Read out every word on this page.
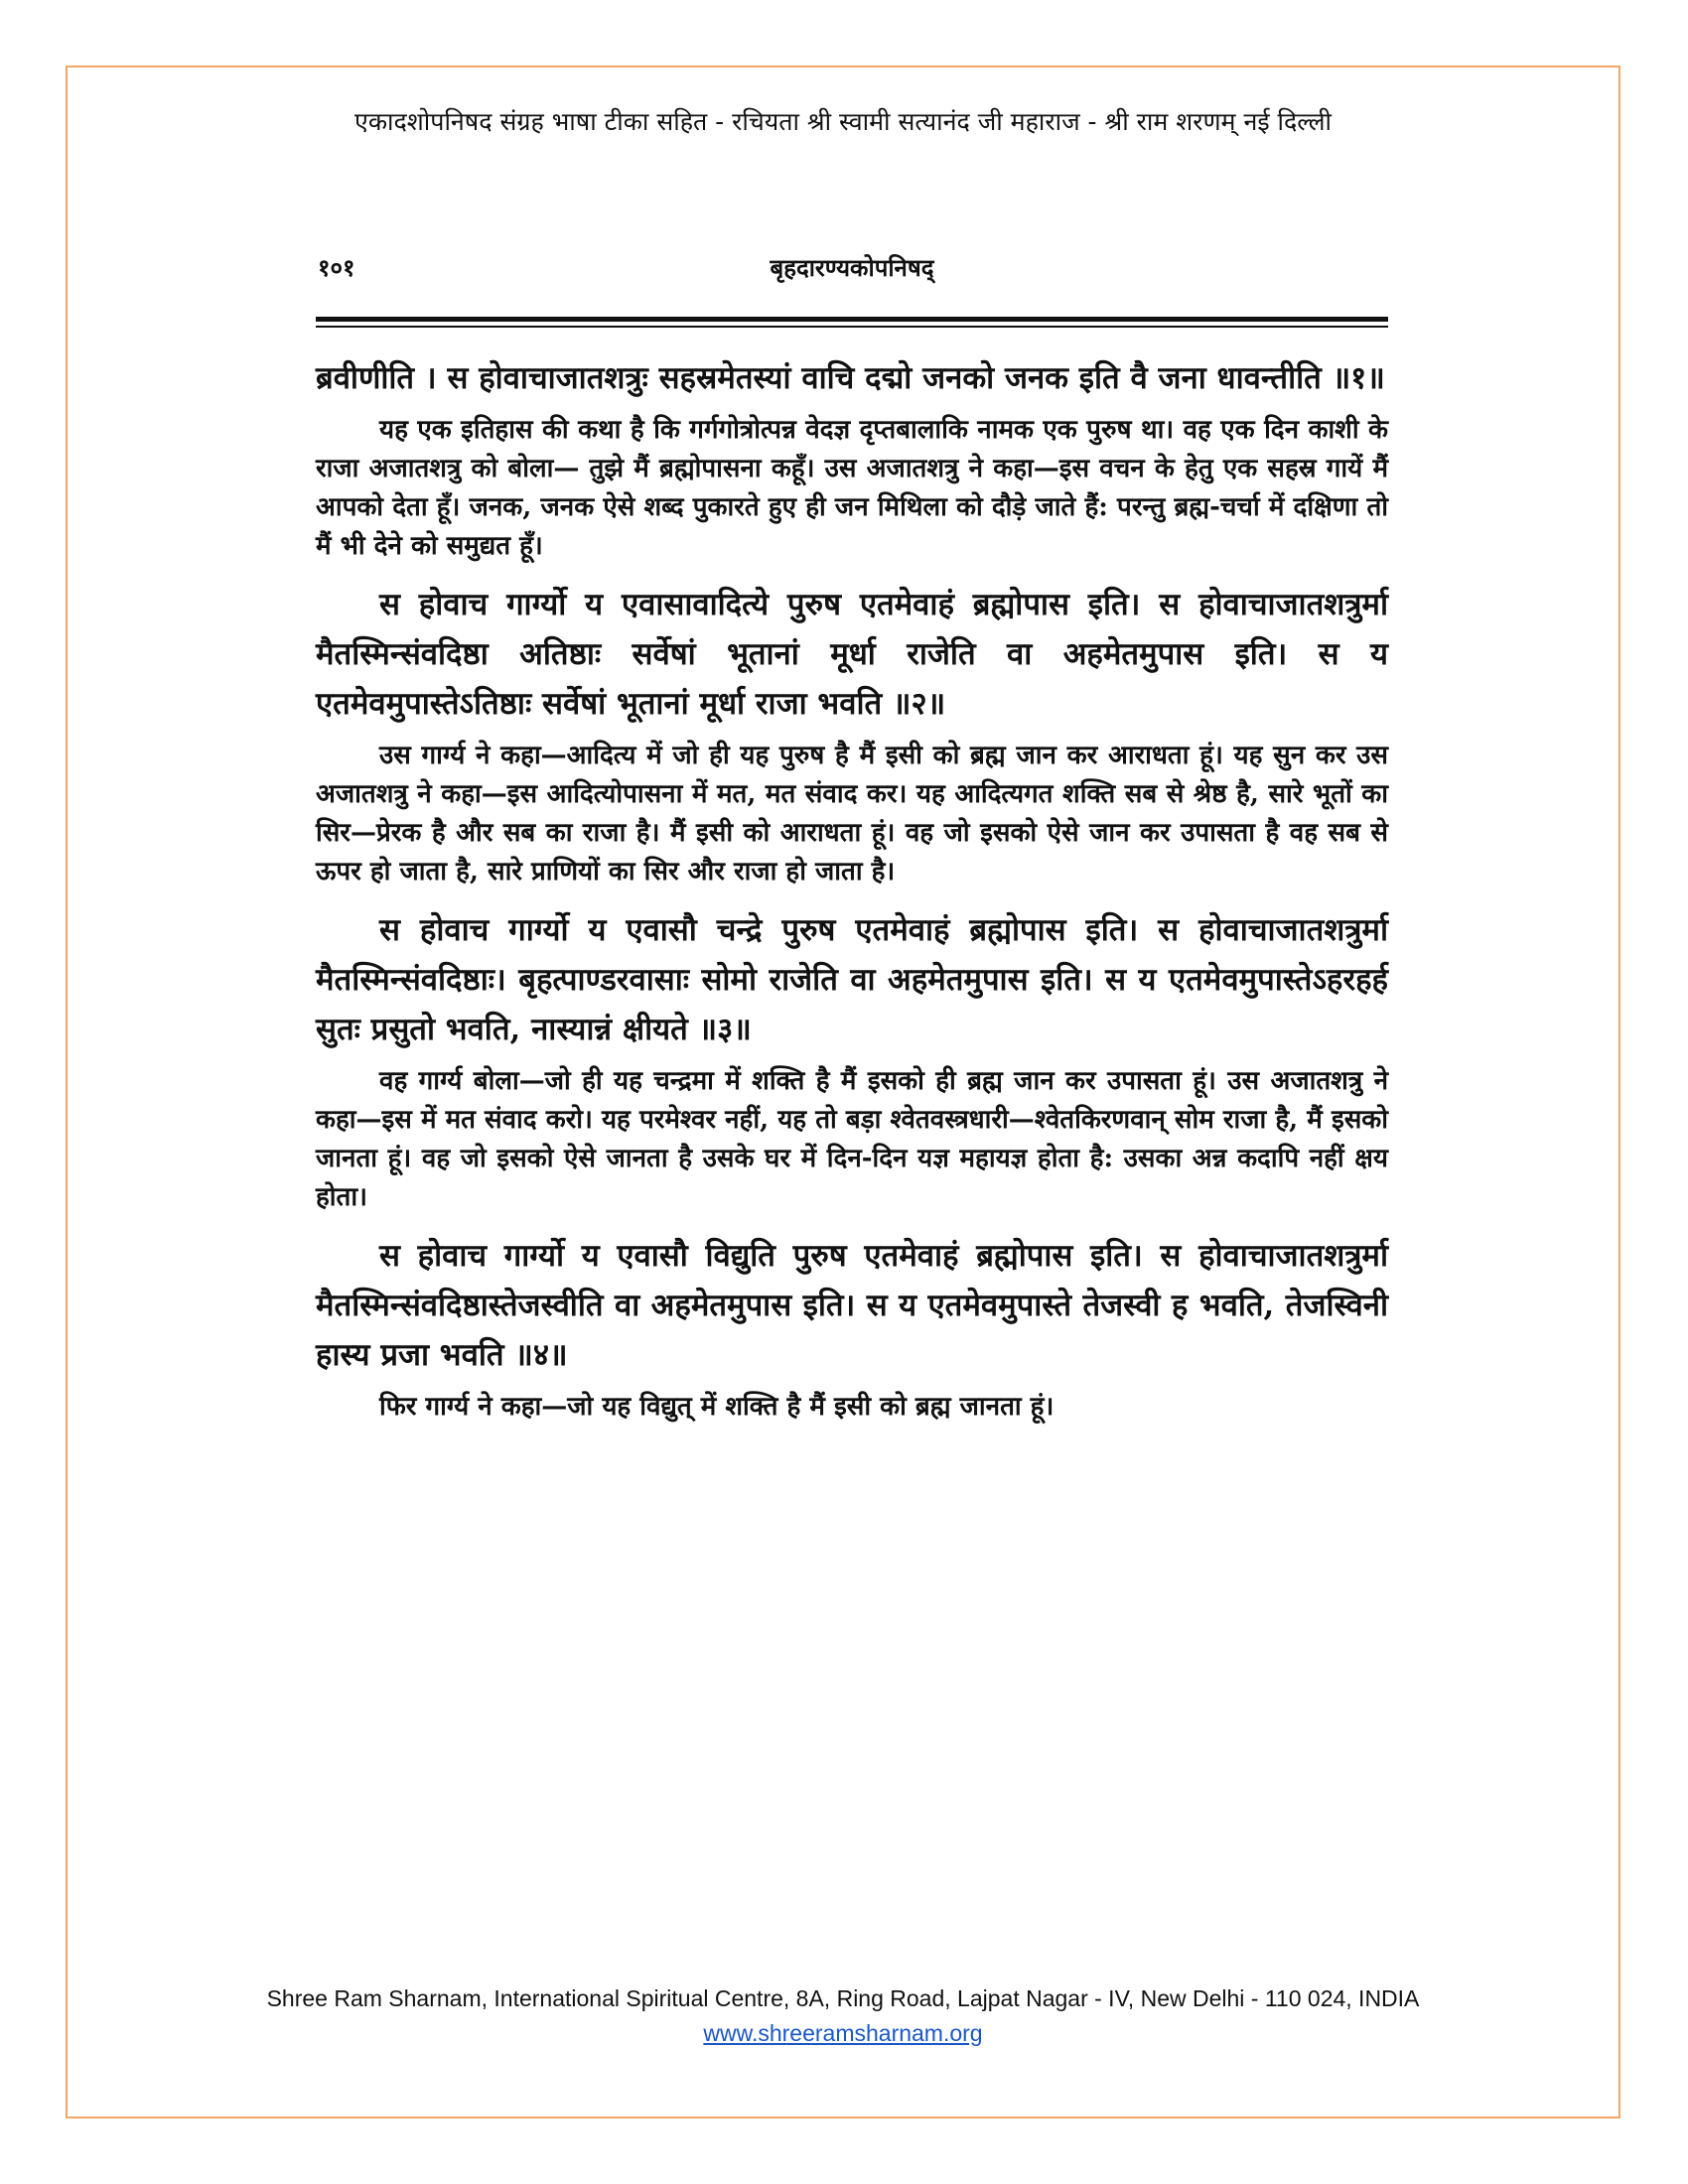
एकादशोपनिषद संग्रह भाषा टीका सहित - रचियता श्री स्वामी सत्यानंद जी महाराज - श्री राम शरणम् नई दिल्ली
१०१	बृहदारण्यकोपनिषद्

ब्रवीणीति । स होवाचाजातशत्रुः सहस्रमेतस्यां वाचि दद्मो जनको जनक इति वै जना धावन्तीति ॥१॥

यह एक इतिहास की कथा है कि गर्गगोत्रोत्पन्न वेदज्ञ दृप्तबालाकि नामक एक पुरुष था। वह एक दिन काशी के राजा अजातशत्रु को बोला— तुझे मैं ब्रह्मोपासना कहूँ। उस अजातशत्रु ने कहा—इस वचन के हेतु एक सहस्र गायें मैं आपको देता हूँ। जनक, जनक ऐसे शब्द पुकारते हुए ही जन मिथिला को दौड़े जाते हैं: परन्तु ब्रह्म-चर्चा में दक्षिणा तो मैं भी देने को समुद्यत हूँ।

स होवाच गार्ग्यो य एवासावादित्ये पुरुष एतमेवाहं ब्रह्मोपास इति। स होवाचाजातशत्रुर्मा मैतस्मिन्संवदिष्ठा अतिष्ठाः सर्वेषां भूतानां मूर्धा राजेति वा अहमेतमुपास इति। स य एतमेवमुपास्तेऽतिष्ठाः सर्वेषां भूतानां मूर्धा राजा भवति ॥२॥

उस गार्ग्य ने कहा—आदित्य में जो ही यह पुरुष है मैं इसी को ब्रह्म जान कर आराधता हूं। यह सुन कर उस अजातशत्रु ने कहा—इस आदित्योपासना में मत, मत संवाद कर। यह आदित्यगत शक्ति सब से श्रेष्ठ है, सारे भूतों का सिर—प्रेरक है और सब का राजा है। मैं इसी को आराधता हूं। वह जो इसको ऐसे जान कर उपासता है वह सब से ऊपर हो जाता है, सारे प्राणियों का सिर और राजा हो जाता है।

स होवाच गार्ग्यो य एवासौ चन्द्रे पुरुष एतमेवाहं ब्रह्मोपास इति। स होवाचाजातशत्रुर्मा मैतस्मिन्संवदिष्ठाः। बृहत्पाण्डरवासाः सोमो राजेति वा अहमेतमुपास इति। स य एतमेवमुपास्तेऽहरहर्ह सुतः प्रसुतो भवति, नास्यान्नं क्षीयते ॥३॥

वह गार्ग्य बोला—जो ही यह चन्द्रमा में शक्ति है मैं इसको ही ब्रह्म जान कर उपासता हूं। उस अजातशत्रु ने कहा—इस में मत संवाद करो। यह परमेश्वर नहीं, यह तो बड़ा श्वेतवस्त्रधारी—श्वेतकिरणवान् सोम राजा है, मैं इसको जानता हूं। वह जो इसको ऐसे जानता है उसके घर में दिन-दिन यज्ञ महायज्ञ होता है: उसका अन्न कदापि नहीं क्षय होता।

स होवाच गार्ग्यो य एवासौ विद्युति पुरुष एतमेवाहं ब्रह्मोपास इति। स होवाचाजातशत्रुर्मा मैतस्मिन्संवदिष्ठास्तेजस्वीति वा अहमेतमुपास इति। स य एतमेवमुपास्ते तेजस्वी ह भवति, तेजस्विनी हास्य प्रजा भवति ॥४॥

फिर गार्ग्य ने कहा—जो यह विद्युत् में शक्ति है मैं इसी को ब्रह्म जानता हूं।

Shree Ram Sharnam, International Spiritual Centre, 8A, Ring Road, Lajpat Nagar - IV, New Delhi - 110 024, INDIA
www.shreeramsharnam.org
